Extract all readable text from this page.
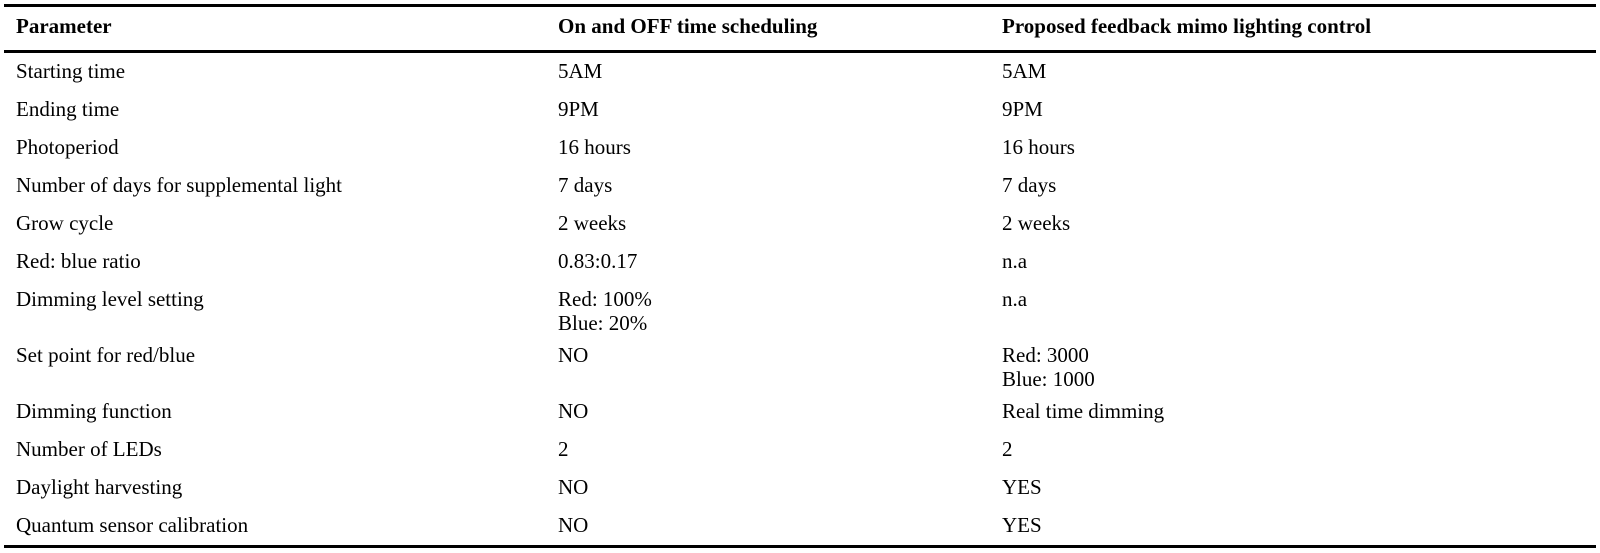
Parameter	On and OFF time scheduling	Proposed feedback mimo lighting control
Starting time	5AM	5AM

Ending time	9PM	9PM

Photoperiod	16 hours	16 hours

Number of days for supplemental light	7 days	7 days

Grow cycle	2 weeks	2 weeks

Red: blue ratio	0.83:0.17	n.a

Dimming level setting	Red: 100%
Blue: 20%	n.a

Set point for red/blue	NO	Red: 3000
Blue: 1000

Dimming function	NO	Real time dimming

Number of LEDs	2	2

Daylight harvesting	NO	YES

Quantum sensor calibration	NO	YES
